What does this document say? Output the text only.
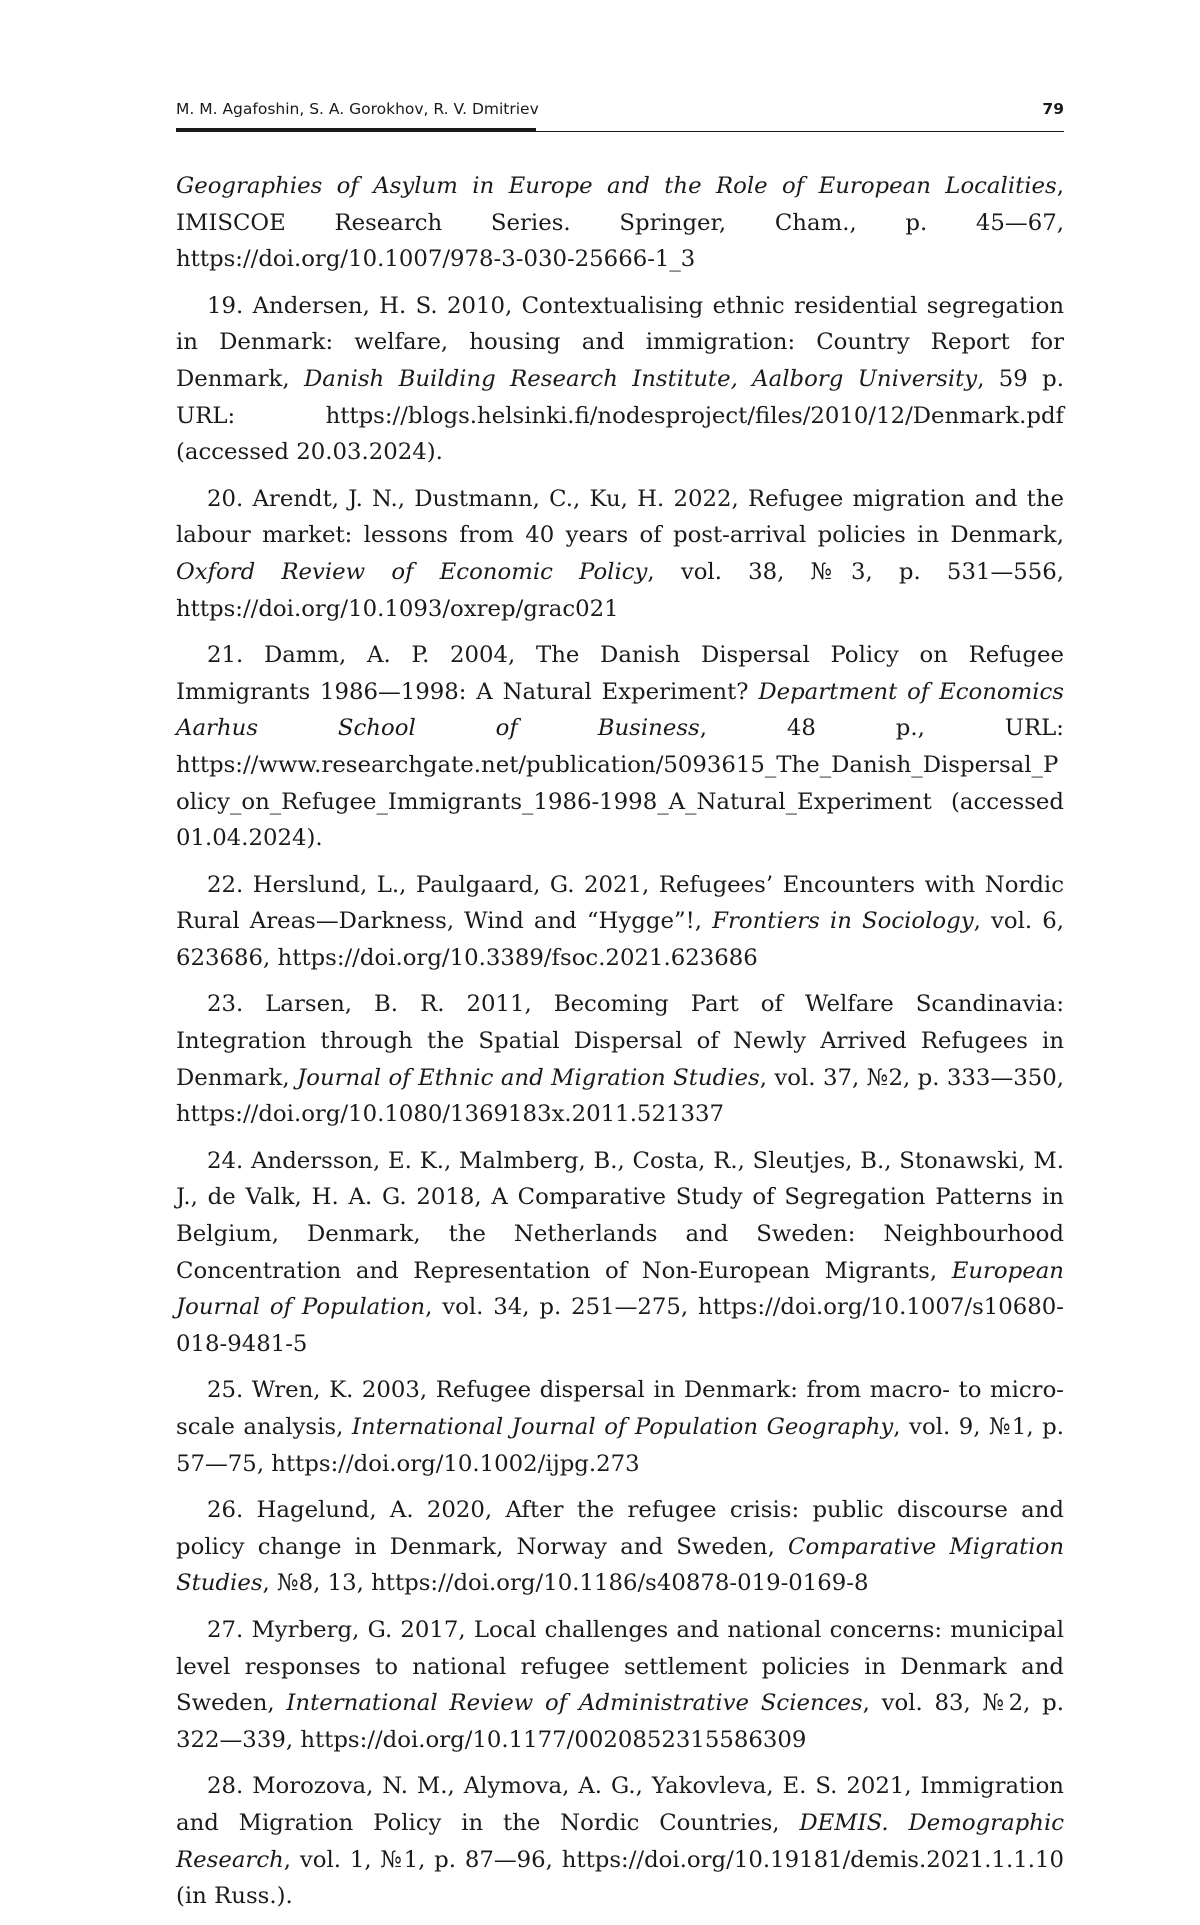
M. M. Agafoshin, S. A. Gorokhov, R. V. Dmitriev	79

Geographies of Asylum in Europe and the Role of European Localities, IMISCOE Research Series. Springer, Cham., p. 45—67, https://doi.org/10.1007/978-3-030-25666-1_3

19. Andersen, H. S. 2010, Contextualising ethnic residential segregation in Denmark: welfare, housing and immigration: Country Report for Denmark, Danish Building Research Institute, Aalborg University, 59 p. URL: https://blogs.helsinki.fi/nodesproject/files/2010/12/Denmark.pdf (accessed 20.03.2024).

20. Arendt, J. N., Dustmann, C., Ku, H. 2022, Refugee migration and the labour market: lessons from 40 years of post-arrival policies in Denmark, Oxford Review of Economic Policy, vol. 38, №3, p. 531—556, https://doi.org/10.1093/oxrep/grac021

21. Damm, A. P. 2004, The Danish Dispersal Policy on Refugee Immigrants 1986—1998: A Natural Experiment? Department of Economics Aarhus School of Business, 48 p., URL: https://www.researchgate.net/publication/5093615_The_Danish_Dispersal_Policy_on_Refugee_Immigrants_1986-1998_A_Natural_Experiment (accessed 01.04.2024).

22. Herslund, L., Paulgaard, G. 2021, Refugees’ Encounters with Nordic Rural Areas—Darkness, Wind and “Hygge”!, Frontiers in Sociology, vol. 6, 623686, https://doi.org/10.3389/fsoc.2021.623686

23. Larsen, B. R. 2011, Becoming Part of Welfare Scandinavia: Integration through the Spatial Dispersal of Newly Arrived Refugees in Denmark, Journal of Ethnic and Migration Studies, vol. 37, №2, p. 333—350, https://doi.org/10.1080/1369183x.2011.521337

24. Andersson, E. K., Malmberg, B., Costa, R., Sleutjes, B., Stonawski, M. J., de Valk, H. A. G. 2018, A Comparative Study of Segregation Patterns in Belgium, Denmark, the Netherlands and Sweden: Neighbourhood Concentration and Representation of Non-European Migrants, European Journal of Population, vol. 34, p. 251—275, https://doi.org/10.1007/s10680-018-9481-5

25. Wren, K. 2003, Refugee dispersal in Denmark: from macro- to micro-scale analysis, International Journal of Population Geography, vol. 9, №1, p. 57—75, https://doi.org/10.1002/ijpg.273

26. Hagelund, A. 2020, After the refugee crisis: public discourse and policy change in Denmark, Norway and Sweden, Comparative Migration Studies, №8, 13, https://doi.org/10.1186/s40878-019-0169-8

27. Myrberg, G. 2017, Local challenges and national concerns: municipal level responses to national refugee settlement policies in Denmark and Sweden, International Review of Administrative Sciences, vol. 83, №2, p. 322—339, https://doi.org/10.1177/0020852315586309

28. Morozova, N. M., Alymova, A. G., Yakovleva, E. S. 2021, Immigration and Migration Policy in the Nordic Countries, DEMIS. Demographic Research, vol. 1, №1, p. 87—96, https://doi.org/10.19181/demis.2021.1.1.10 (in Russ.).
